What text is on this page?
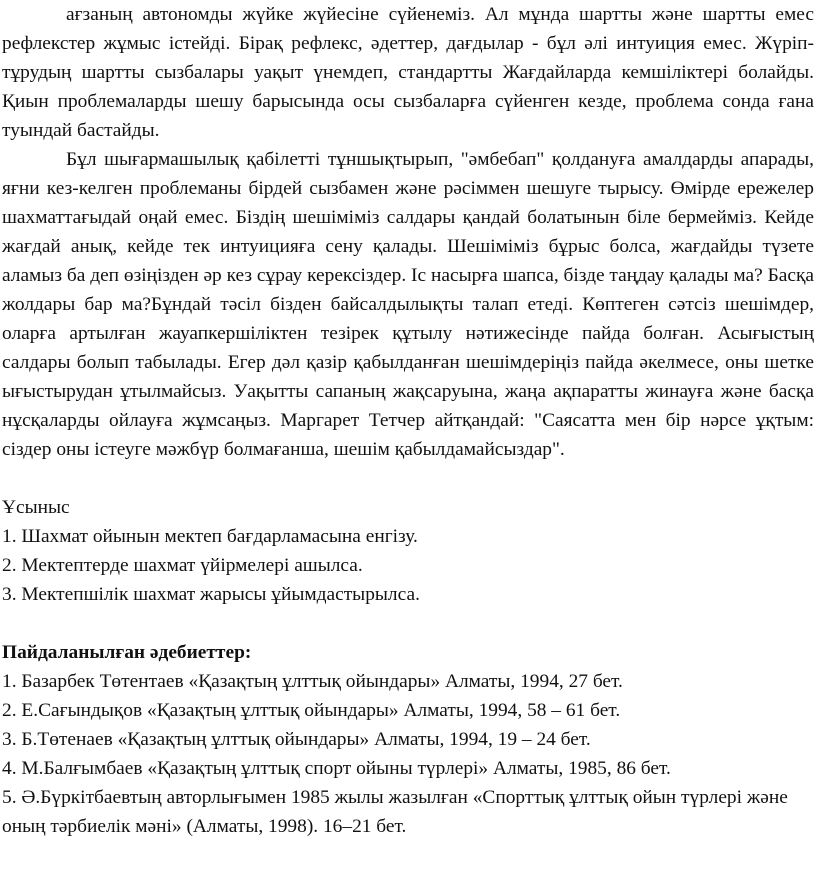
ағзаның автономды жүйке жүйесіне сүйенеміз. Ал мұнда шартты және шартты емес рефлекстер жұмыс істейді. Бірақ рефлекс, әдеттер, дағдылар - бұл әлі интуиция емес. Жүріп-тұрудың шартты сызбалары уақыт үнемдеп, стандартты Жағдайларда кемшіліктері болайды. Қиын проблемаларды шешу барысында осы сызбаларға сүйенген кезде, проблема сонда ғана туындай бастайды.

Бұл шығармашылық қабілетті тұншықтырып, "әмбебап" қолдануға амалдарды апарады, яғни кез-келген проблеманы бірдей сызбамен және рәсіммен шешуге тырысу. Өмірде ережелер шахматтағыдай оңай емес. Біздің шешіміміз салдары қандай болатынын біле бермейміз. Кейде жағдай анық, кейде тек интуицияға сену қалады. Шешіміміз бұрыс болса, жағдайды түзете аламыз ба деп өзіңізден әр кез сұрау керексіздер. Іс насырға шапса, бізде таңдау қалады ма? Басқа жолдары бар ма?Бұндай тәсіл бізден байсалдылықты талап етеді. Көптеген сәтсіз шешімдер, оларға артылған жауапкершіліктен тезірек құтылу нәтижесінде пайда болған. Асығыстың салдары болып табылады. Егер дәл қазір қабылданған шешімдеріңіз пайда әкелмесе, оны шетке ығыстырудан ұтылмайсыз. Уақытты сапаның жақсаруына, жаңа ақпаратты жинауға және басқа нұсқаларды ойлауға жұмсаңыз. Маргарет Тетчер айтқандай: "Саясатта мен бір нәрсе ұқтым: сіздер оны істеуге мәжбүр болмағанша, шешім қабылдамайсыздар".

Ұсыныс

1. Шахмат ойынын мектеп бағдарламасына енгізу.

2. Мектептерде шахмат үйірмелері ашылса.

3. Мектепшілік шахмат жарысы ұйымдастырылса.

Пайдаланылған әдебиеттер:

1. Базарбек Төтентаев «Қазақтың ұлттық ойындары» Алматы, 1994, 27 бет.

2. Е.Сағындықов «Қазақтың ұлттық ойындары» Алматы, 1994, 58 – 61 бет.

3. Б.Төтенаев «Қазақтың ұлттық ойындары» Алматы, 1994, 19 – 24 бет.

4. М.Балғымбаев «Қазақтың ұлттық спорт ойыны түрлері» Алматы, 1985, 86 бет.

5. Ә.Бүркітбаевтың авторлығымен 1985 жылы жазылған «Спорттық ұлттық ойын түрлері және оның тәрбиелік мәні» (Алматы, 1998). 16–21 бет.
